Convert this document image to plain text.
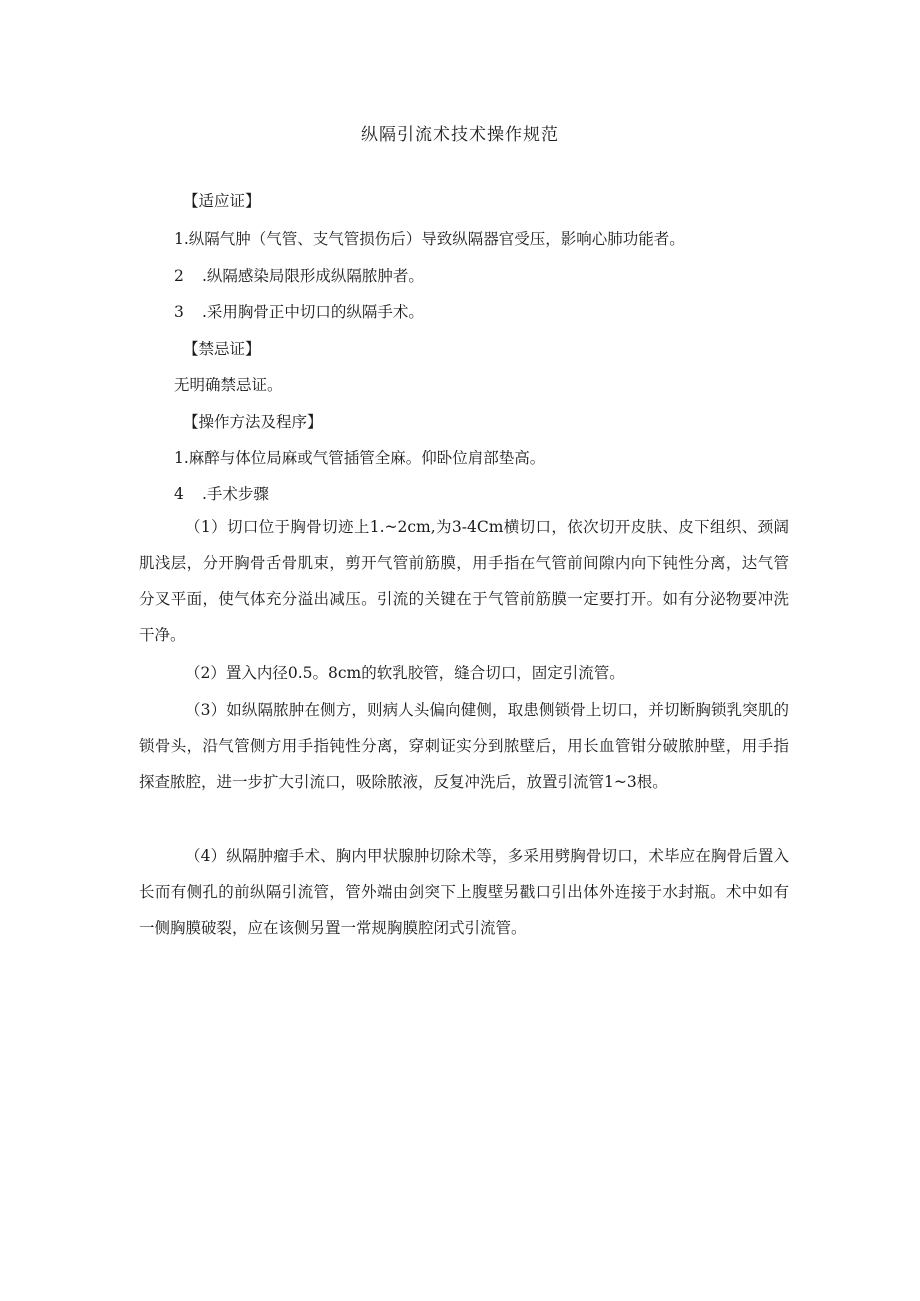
纵隔引流术技术操作规范
【适应证】
1.纵隔气肿（气管、支气管损伤后）导致纵隔器官受压，影响心肺功能者。
2 .纵隔感染局限形成纵隔脓肿者。
3 .采用胸骨正中切口的纵隔手术。
【禁忌证】
无明确禁忌证。
【操作方法及程序】
1.麻醉与体位局麻或气管插管全麻。仰卧位肩部垫高。
4 .手术步骤
（1）切口位于胸骨切迹上1.~2cm,为3-4Cm横切口，依次切开皮肤、皮下组织、颈阔肌浅层，分开胸骨舌骨肌束，剪开气管前筋膜，用手指在气管前间隙内向下钝性分离，达气管分叉平面，使气体充分溢出减压。引流的关键在于气管前筋膜一定要打开。如有分泌物要冲洗干净。
（2）置入内径0.5。8cm的软乳胶管，缝合切口，固定引流管。
（3）如纵隔脓肿在侧方，则病人头偏向健侧，取患侧锁骨上切口，并切断胸锁乳突肌的锁骨头，沿气管侧方用手指钝性分离，穿刺证实分到脓壁后，用长血管钳分破脓肿壁，用手指探查脓腔，进一步扩大引流口，吸除脓液，反复冲洗后，放置引流管1~3根。
（4）纵隔肿瘤手术、胸内甲状腺肿切除术等，多采用劈胸骨切口，术毕应在胸骨后置入长而有侧孔的前纵隔引流管，管外端由剑突下上腹壁另戳口引出体外连接于水封瓶。术中如有一侧胸膜破裂，应在该侧另置一常规胸膜腔闭式引流管。
